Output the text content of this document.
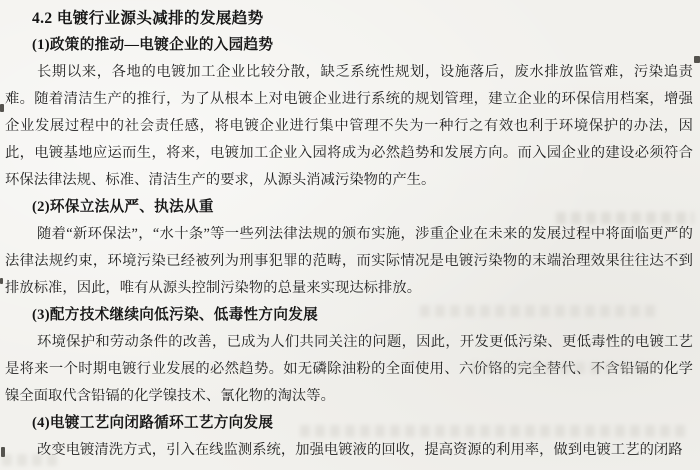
4.2 电镀行业源头减排的发展趋势
(1)政策的推动—电镀企业的入园趋势

长期以来，各地的电镀加工企业比较分散，缺乏系统性规划，设施落后，废水排放监管难，污染追责难。随着清洁生产的推行，为了从根本上对电镀企业进行系统的规划管理，建立企业的环保信用档案，增强企业发展过程中的社会责任感，将电镀企业进行集中管理不失为一种行之有效也利于环境保护的办法，因此，电镀基地应运而生，将来，电镀加工企业入园将成为必然趋势和发展方向。而入园企业的建设必须符合环保法律法规、标准、清洁生产的要求，从源头消减污染物的产生。

(2)环保立法从严、执法从重

随着“新环保法”，“水十条”等一些列法律法规的颁布实施，涉重企业在未来的发展过程中将面临更严的法律法规约束，环境污染已经被列为刑事犯罪的范畴，而实际情况是电镀污染物的末端治理效果往往达不到排放标准，因此，唯有从源头控制污染物的总量来实现达标排放。

(3)配方技术继续向低污染、低毒性方向发展

环境保护和劳动条件的改善，已成为人们共同关注的问题，因此，开发更低污染、更低毒性的电镀工艺是将来一个时期电镀行业发展的必然趋势。如无磷除油粉的全面使用、六价铬的完全替代、不含铅镉的化学镍全面取代含铅镉的化学镍技术、氰化物的淘汰等。

(4)电镀工艺向闭路循环工艺方向发展

改变电镀清洗方式，引入在线监测系统，加强电镀液的回收，提高资源的利用率，做到电镀工艺的闭路
